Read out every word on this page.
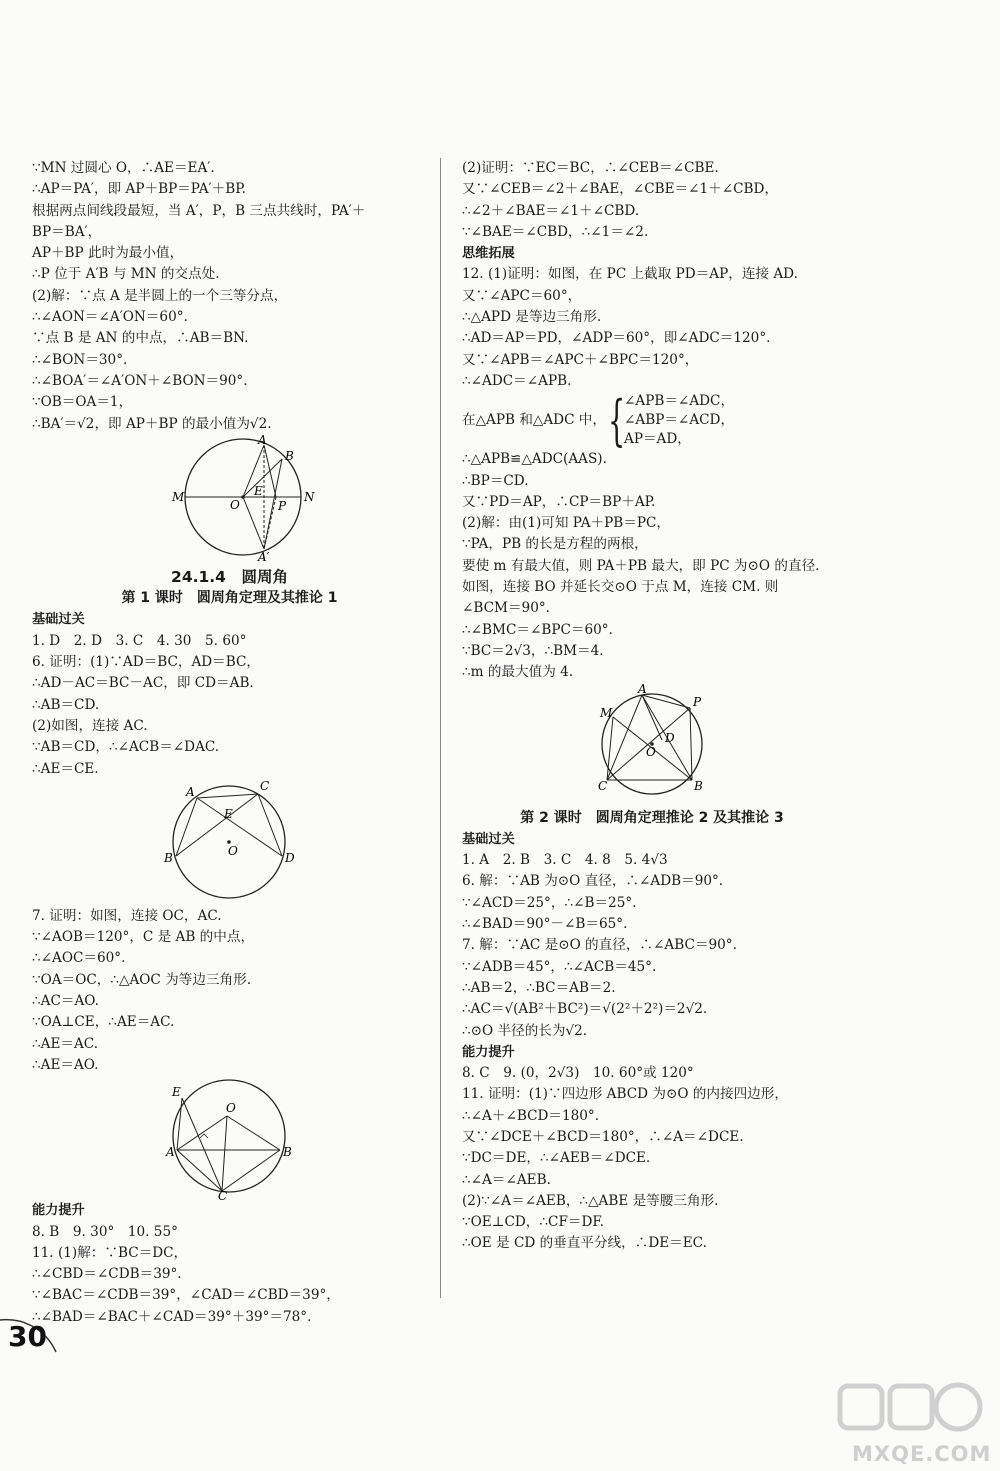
∵MN 过圆心 O，∴AE＝EA′.
∴AP＝PA′，即 AP＋BP＝PA′＋BP.
根据两点间线段最短，当 A′，P，B 三点共线时，PA′＋
BP＝BA′，
AP＋BP 此时为最小值，
∴P 位于 A′B 与 MN 的交点处.
(2)解：∵点 A 是半圆上的一个三等分点，
∴∠AON＝∠A′ON＝60°.
∵点 B 是 AN 的中点，∴AB＝BN.
∴∠BON＝30°.
∴∠BOA′＝∠A′ON＋∠BON＝90°.
∵OB＝OA＝1，
∴BA′＝√2，即 AP＋BP 的最小值为√2.
A
B
M	N
O
E
P
A′
24.1.4　圆周角
第 1 课时　圆周角定理及其推论 1
基础过关
1. D　2. D　3. C　4. 30　5. 60°
6. 证明：(1)∵AD＝BC，AD＝BC，
∴AD－AC＝BC－AC，即 CD＝AB.
∴AB＝CD.
(2)如图，连接 AC.
∵AB＝CD，∴∠ACB＝∠DAC.
∴AE＝CE.
A	C
E
B	D
O
7. 证明：如图，连接 OC，AC.
∵∠AOB＝120°，C 是 AB 的中点，
∴∠AOC＝60°.
∵OA＝OC，∴△AOC 为等边三角形.
∴AC＝AO.
∵OA⊥CE，∴AE＝AC.
∴AE＝AC.
∴AE＝AO.
E
O
A	B
C
能力提升
8. B　9. 30°　10. 55°
11. (1)解：∵BC＝DC，
∴∠CBD＝∠CDB＝39°.
∵∠BAC＝∠CDB＝39°，∠CAD＝∠CBD＝39°，
∴∠BAD＝∠BAC＋∠CAD＝39°＋39°＝78°.
(2)证明：∵EC＝BC，∴∠CEB＝∠CBE.
又∵∠CEB＝∠2＋∠BAE，∠CBE＝∠1＋∠CBD，
∴∠2＋∠BAE＝∠1＋∠CBD.
∵∠BAE＝∠CBD，∴∠1＝∠2.
思维拓展
12. (1)证明：如图，在 PC 上截取 PD＝AP，连接 AD.
又∵∠APC＝60°，
∴△APD 是等边三角形.
∴AD＝AP＝PD，∠ADP＝60°，即∠ADC＝120°.
又∵∠APB＝∠APC＋∠BPC＝120°，
∴∠ADC＝∠APB.
在△APB 和△ADC 中， {
∠APB＝∠ADC，
∠ABP＝∠ACD，
AP＝AD，
∴△APB≌△ADC(AAS).
∴BP＝CD.
又∵PD＝AP，∴CP＝BP＋AP.
(2)解：由(1)可知 PA＋PB＝PC，
∵PA，PB 的长是方程的两根，
要使 m 有最大值，则 PA＋PB 最大，即 PC 为⊙O 的直径.
如图，连接 BO 并延长交⊙O 于点 M，连接 CM. 则
∠BCM＝90°.
∴∠BMC＝∠BPC＝60°.
∵BC＝2√3，∴BM＝4.
∴m 的最大值为 4.
A
P
M
D
O
C	B
第 2 课时　圆周角定理推论 2 及其推论 3
基础过关
1. A　2. B　3. C　4. 8　5. 4√3
6. 解：∵AB 为⊙O 直径，∴∠ADB＝90°.
∵∠ACD＝25°，∴∠B＝25°.
∴∠BAD＝90°－∠B＝65°.
7. 解：∵AC 是⊙O 的直径，∴∠ABC＝90°.
∵∠ADB＝45°，∴∠ACB＝45°.
∴AB＝2，∴BC＝AB＝2.
∴AC＝√(AB²＋BC²)＝√(2²＋2²)＝2√2.
∴⊙O 半径的长为√2.
能力提升
8. C　9. (0，2√3)　10. 60°或 120°
11. 证明：(1)∵四边形 ABCD 为⊙O 的内接四边形，
∴∠A＋∠BCD＝180°.
又∵∠DCE＋∠BCD＝180°，∴∠A＝∠DCE.
∵DC＝DE，∴∠AEB＝∠DCE.
∴∠A＝∠AEB.
(2)∵∠A＝∠AEB，∴△ABE 是等腰三角形.
∵OE⊥CD，∴CF＝DF.
∴OE 是 CD 的垂直平分线，∴DE＝EC.
30
MXQE.COM
